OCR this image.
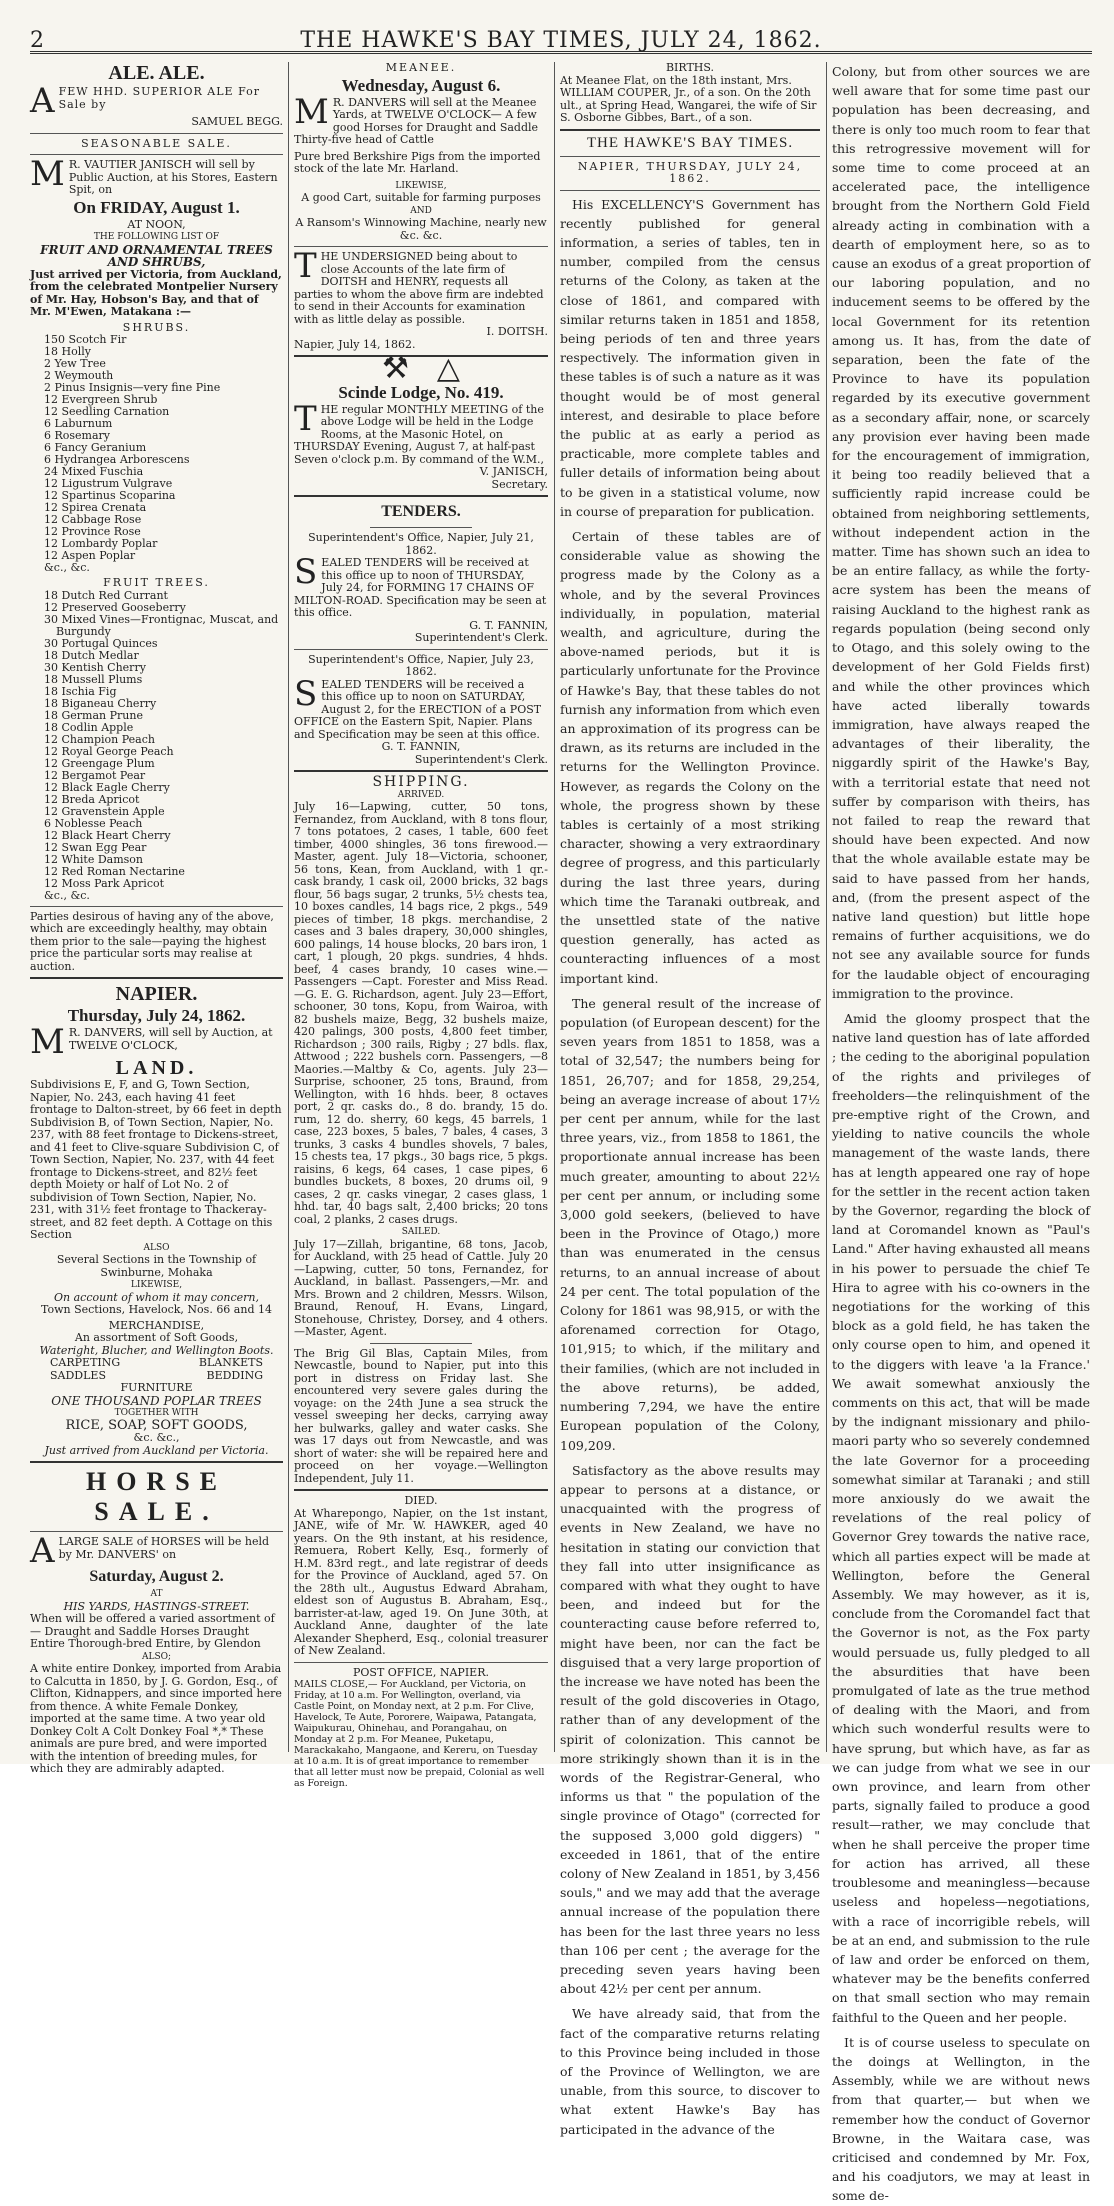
2	THE HAWKE'S BAY TIMES, JULY 24, 1862.
ALE. ALE.
AFEW HHD. SUPERIOR ALE For Sale by
SAMUEL BEGG.
SEASONABLE SALE.
M R. VAUTIER JANISCH will sell by Public Auction, at his Stores, Eastern Spit, on
On FRIDAY, August 1.
AT NOON,
THE FOLLOWING LIST OF
FRUIT AND ORNAMENTAL TREES AND SHRUBS,
Just arrived per Victoria, from Auckland, from the celebrated Montpelier Nursery of Mr. Hay, Hobson's Bay, and that of Mr. M'Ewen, Matakana :—
SHRUBS.
150 Scotch Fir
18 Holly
2 Yew Tree
2 Weymouth
2 Pinus Insignis—very fine Pine
12 Evergreen Shrub
12 Seedling Carnation
6 Laburnum
6 Rosemary
6 Fancy Geranium
6 Hydrangea Arborescens
24 Mixed Fuschia
12 Ligustrum Vulgrave
12 Spartinus Scoparina
12 Spirea Crenata
12 Cabbage Rose
12 Province Rose
12 Lombardy Poplar
12 Aspen Poplar
&c., &c.
FRUIT TREES.
18 Dutch Red Currant
12 Preserved Gooseberry
30 Mixed Vines—Frontignac, Muscat, and Burgundy
30 Portugal Quinces
18 Dutch Medlar
30 Kentish Cherry
18 Mussell Plums
18 Ischia Fig
18 Biganeau Cherry
18 German Prune
18 Codlin Apple
12 Champion Peach
12 Royal George Peach
12 Greengage Plum
12 Bergamot Pear
12 Black Eagle Cherry
12 Breda Apricot
12 Gravenstein Apple
6 Noblesse Peach
12 Black Heart Cherry
12 Swan Egg Pear
12 White Damson
12 Red Roman Nectarine
12 Moss Park Apricot
&c., &c.
Parties desirous of having any of the above, which are exceedingly healthy, may obtain them prior to the sale—paying the highest price the particular sorts may realise at auction.
NAPIER.
Thursday, July 24, 1862.
M R. DANVERS, will sell by Auction, at TWELVE O'CLOCK,
LAND.
Subdivisions E, F, and G, Town Section, Napier, No. 243, each having 41 feet frontage to Dalton-street, by 66 feet in depth Subdivision B, of Town Section, Napier, No. 237, with 88 feet frontage to Dickens-street, and 41 feet to Clive-square Subdivision C, of Town Section, Napier, No. 237, with 44 feet frontage to Dickens-street, and 82½ feet depth Moiety or half of Lot No. 2 of subdivision of Town Section, Napier, No. 231, with 31½ feet frontage to Thackeray-street, and 82 feet depth. A Cottage on this Section
ALSO
Several Sections in the Township of Swinburne, Mohaka
LIKEWISE,
On account of whom it may concern,
Town Sections, Havelock, Nos. 66 and 14
MERCHANDISE,
An assortment of Soft Goods,
Wateright, Blucher, and Wellington Boots.
CARPETING	BLANKETS
SADDLES	BEDDING
FURNITURE
ONE THOUSAND POPLAR TREES
TOGETHER WITH
RICE, SOAP, SOFT GOODS,
&c. &c.,
Just arrived from Auckland per Victoria.
HORSE SALE.
ALARGE SALE of HORSES will be held by Mr. DANVERS' on
Saturday, August 2.
AT
HIS YARDS, HASTINGS-STREET.
When will be offered a varied assortment of— Draught and Saddle Horses Draught Entire Thorough-bred Entire, by Glendon
ALSO;
A white entire Donkey, imported from Arabia to Calcutta in 1850, by J. G. Gordon, Esq., of Clifton, Kidnappers, and since imported here from thence. A white Female Donkey, imported at the same time. A two year old Donkey Colt A Colt Donkey Foal *,* These animals are pure bred, and were imported with the intention of breeding mules, for which they are admirably adapted.
MEANEE.
Wednesday, August 6.
M R. DANVERS will sell at the Meanee Yards, at TWELVE O'CLOCK— A few good Horses for Draught and Saddle Thirty-five head of Cattle
Pure bred Berkshire Pigs from the imported stock of the late Mr. Harland.
LIKEWISE,
A good Cart, suitable for farming purposes
AND
A Ransom's Winnowing Machine, nearly new &c. &c.
THE UNDERSIGNED being about to close Accounts of the late firm of DOITSH and HENRY, requests all parties to whom the above firm are indebted to send in their Accounts for examination with as little delay as possible.
I. DOITSH.
Napier, July 14, 1862.
⚒ △
Scinde Lodge, No. 419.
THE regular MONTHLY MEETING of the above Lodge will be held in the Lodge Rooms, at the Masonic Hotel, on THURSDAY Evening, August 7, at half-past Seven o'clock p.m. By command of the W.M.,
V. JANISCH,
Secretary.
TENDERS.
Superintendent's Office, Napier, July 21, 1862.
SEALED TENDERS will be received at this office up to noon of THURSDAY, July 24, for FORMING 17 CHAINS OF MILTON-ROAD. Specification may be seen at this office.
G. T. FANNIN,
Superintendent's Clerk.
Superintendent's Office, Napier, July 23, 1862.
SEALED TENDERS will be received a this office up to noon on SATURDAY, August 2, for the ERECTION of a POST OFFICE on the Eastern Spit, Napier. Plans and Specification may be seen at this office.
G. T. FANNIN,
Superintendent's Clerk.
SHIPPING.
ARRIVED.
July 16—Lapwing, cutter, 50 tons, Fernandez, from Auckland, with 8 tons flour, 7 tons potatoes, 2 cases, 1 table, 600 feet timber, 4000 shingles, 36 tons firewood.—Master, agent. July 18—Victoria, schooner, 56 tons, Kean, from Auckland, with 1 qr.-cask brandy, 1 cask oil, 2000 bricks, 32 bags flour, 56 bags sugar, 2 trunks, 5½ chests tea, 10 boxes candles, 14 bags rice, 2 pkgs., 549 pieces of timber, 18 pkgs. merchandise, 2 cases and 3 bales drapery, 30,000 shingles, 600 palings, 14 house blocks, 20 bars iron, 1 cart, 1 plough, 20 pkgs. sundries, 4 hhds. beef, 4 cases brandy, 10 cases wine.—Passengers —Capt. Forester and Miss Read.—G. E. G. Richardson, agent. July 23—Effort, schooner, 30 tons, Kopu, from Wairoa, with 82 bushels maize, Begg, 32 bushels maize, 420 palings, 300 posts, 4,800 feet timber, Richardson ; 300 rails, Rigby ; 27 bdls. flax, Attwood ; 222 bushels corn. Passengers, —8 Maories.—Maltby & Co, agents. July 23—Surprise, schooner, 25 tons, Braund, from Wellington, with 16 hhds. beer, 8 octaves port, 2 qr. casks do., 8 do. brandy, 15 do. rum, 12 do. sherry, 60 kegs, 45 barrels, 1 case, 223 boxes, 5 bales, 7 bales, 4 cases, 3 trunks, 3 casks 4 bundles shovels, 7 bales, 15 chests tea, 17 pkgs., 30 bags rice, 5 pkgs. raisins, 6 kegs, 64 cases, 1 case pipes, 6 bundles buckets, 8 boxes, 20 drums oil, 9 cases, 2 qr. casks vinegar, 2 cases glass, 1 hhd. tar, 40 bags salt, 2,400 bricks; 20 tons coal, 2 planks, 2 cases drugs.
SAILED.
July 17—Zillah, brigantine, 68 tons, Jacob, for Auckland, with 25 head of Cattle. July 20—Lapwing, cutter, 50 tons, Fernandez, for Auckland, in ballast. Passengers,—Mr. and Mrs. Brown and 2 children, Messrs. Wilson, Braund, Renouf, H. Evans, Lingard, Stonehouse, Christey, Dorsey, and 4 others.—Master, Agent.
The Brig Gil Blas, Captain Miles, from Newcastle, bound to Napier, put into this port in distress on Friday last. She encountered very severe gales during the voyage: on the 24th June a sea struck the vessel sweeping her decks, carrying away her bulwarks, galley and water casks. She was 17 days out from Newcastle, and was short of water: she will be repaired here and proceed on her voyage.—Wellington Independent, July 11.
DIED.
At Wharepongo, Napier, on the 1st instant, JANE, wife of Mr. W. HAWKER, aged 40 years. On the 9th instant, at his residence, Remuera, Robert Kelly, Esq., formerly of H.M. 83rd regt., and late registrar of deeds for the Province of Auckland, aged 57. On the 28th ult., Augustus Edward Abraham, eldest son of Augustus B. Abraham, Esq., barrister-at-law, aged 19. On June 30th, at Auckland Anne, daughter of the late Alexander Shepherd, Esq., colonial treasurer of New Zealand.
POST OFFICE, NAPIER.
MAILS CLOSE,— For Auckland, per Victoria, on Friday, at 10 a.m. For Wellington, overland, via Castle Point, on Monday next, at 2 p.m. For Clive, Havelock, Te Aute, Pororere, Waipawa, Patangata, Waipukurau, Ohinehau, and Porangahau, on Monday at 2 p.m. For Meanee, Puketapu, Marackakaho, Mangaone, and Kereru, on Tuesday at 10 a.m. It is of great importance to remember that all letter must now be prepaid, Colonial as well as Foreign.
BIRTHS.
At Meanee Flat, on the 18th instant, Mrs. WILLIAM COUPER, Jr., of a son. On the 20th ult., at Spring Head, Wangarei, the wife of Sir S. Osborne Gibbes, Bart., of a son.
THE HAWKE'S BAY TIMES.
NAPIER, THURSDAY, JULY 24, 1862.

His EXCELLENCY'S Government has recently published for general information, a series of tables, ten in number, compiled from the census returns of the Colony, as taken at the close of 1861, and compared with similar returns taken in 1851 and 1858, being periods of ten and three years respectively. The information given in these tables is of such a nature as it was thought would be of most general interest, and desirable to place before the public at as early a period as practicable, more complete tables and fuller details of information being about to be given in a statistical volume, now in course of preparation for publication.

Certain of these tables are of considerable value as showing the progress made by the Colony as a whole, and by the several Provinces individually, in population, material wealth, and agriculture, during the above-named periods, but it is particularly unfortunate for the Province of Hawke's Bay, that these tables do not furnish any information from which even an approximation of its progress can be drawn, as its returns are included in the returns for the Wellington Province. However, as regards the Colony on the whole, the progress shown by these tables is certainly of a most striking character, showing a very extraordinary degree of progress, and this particularly during the last three years, during which time the Taranaki outbreak, and the unsettled state of the native question generally, has acted as counteracting influences of a most important kind.

The general result of the increase of population (of European descent) for the seven years from 1851 to 1858, was a total of 32,547; the numbers being for 1851, 26,707; and for 1858, 29,254, being an average increase of about 17½ per cent per annum, while for the last three years, viz., from 1858 to 1861, the proportionate annual increase has been much greater, amounting to about 22½ per cent per annum, or including some 3,000 gold seekers, (believed to have been in the Province of Otago,) more than was enumerated in the census returns, to an annual increase of about 24 per cent. The total population of the Colony for 1861 was 98,915, or with the aforenamed correction for Otago, 101,915; to which, if the military and their families, (which are not included in the above returns), be added, numbering 7,294, we have the entire European population of the Colony, 109,209.

Satisfactory as the above results may appear to persons at a distance, or unacquainted with the progress of events in New Zealand, we have no hesitation in stating our conviction that they fall into utter insignificance as compared with what they ought to have been, and indeed but for the counteracting cause before referred to, might have been, nor can the fact be disguised that a very large proportion of the increase we have noted has been the result of the gold discoveries in Otago, rather than of any development of the spirit of colonization. This cannot be more strikingly shown than it is in the words of the Registrar-General, who informs us that " the population of the single province of Otago" (corrected for the supposed 3,000 gold diggers) " exceeded in 1861, that of the entire colony of New Zealand in 1851, by 3,456 souls," and we may add that the average annual increase of the population there has been for the last three years no less than 106 per cent ; the average for the preceding seven years having been about 42½ per cent per annum.

We have already said, that from the fact of the comparative returns relating to this Province being included in those of the Province of Wellington, we are unable, from this source, to discover to what extent Hawke's Bay has participated in the advance of the

Colony, but from other sources we are well aware that for some time past our population has been decreasing, and there is only too much room to fear that this retrogressive movement will for some time to come proceed at an accelerated pace, the intelligence brought from the Northern Gold Field already acting in combination with a dearth of employment here, so as to cause an exodus of a great proportion of our laboring population, and no inducement seems to be offered by the local Government for its retention among us. It has, from the date of separation, been the fate of the Province to have its population regarded by its executive government as a secondary affair, none, or scarcely any provision ever having been made for the encouragement of immigration, it being too readily believed that a sufficiently rapid increase could be obtained from neighboring settlements, without independent action in the matter. Time has shown such an idea to be an entire fallacy, as while the forty-acre system has been the means of raising Auckland to the highest rank as regards population (being second only to Otago, and this solely owing to the development of her Gold Fields first) and while the other provinces which have acted liberally towards immigration, have always reaped the advantages of their liberality, the niggardly spirit of the Hawke's Bay, with a territorial estate that need not suffer by comparison with theirs, has not failed to reap the reward that should have been expected. And now that the whole available estate may be said to have passed from her hands, and, (from the present aspect of the native land question) but little hope remains of further acquisitions, we do not see any available source for funds for the laudable object of encouraging immigration to the province.

Amid the gloomy prospect that the native land question has of late afforded ; the ceding to the aboriginal population of the rights and privileges of freeholders—the relinquishment of the pre-emptive right of the Crown, and yielding to native councils the whole management of the waste lands, there has at length appeared one ray of hope for the settler in the recent action taken by the Governor, regarding the block of land at Coromandel known as "Paul's Land." After having exhausted all means in his power to persuade the chief Te Hira to agree with his co-owners in the negotiations for the working of this block as a gold field, he has taken the only course open to him, and opened it to the diggers with leave 'a la France.' We await somewhat anxiously the comments on this act, that will be made by the indignant missionary and philo-maori party who so severely condemned the late Governor for a proceeding somewhat similar at Taranaki ; and still more anxiously do we await the revelations of the real policy of Governor Grey towards the native race, which all parties expect will be made at Wellington, before the General Assembly. We may however, as it is, conclude from the Coromandel fact that the Governor is not, as the Fox party would persuade us, fully pledged to all the absurdities that have been promulgated of late as the true method of dealing with the Maori, and from which such wonderful results were to have sprung, but which have, as far as we can judge from what we see in our own province, and learn from other parts, signally failed to produce a good result—rather, we may conclude that when he shall perceive the proper time for action has arrived, all these troublesome and meaningless—because useless and hopeless—negotiations, with a race of incorrigible rebels, will be at an end, and submission to the rule of law and order be enforced on them, whatever may be the benefits conferred on that small section who may remain faithful to the Queen and her people.

It is of course useless to speculate on the doings at Wellington, in the Assembly, while we are without news from that quarter,— but when we remember how the conduct of Governor Browne, in the Waitara case, was criticised and condemned by Mr. Fox, and his coadjutors, we may at least in some de-
